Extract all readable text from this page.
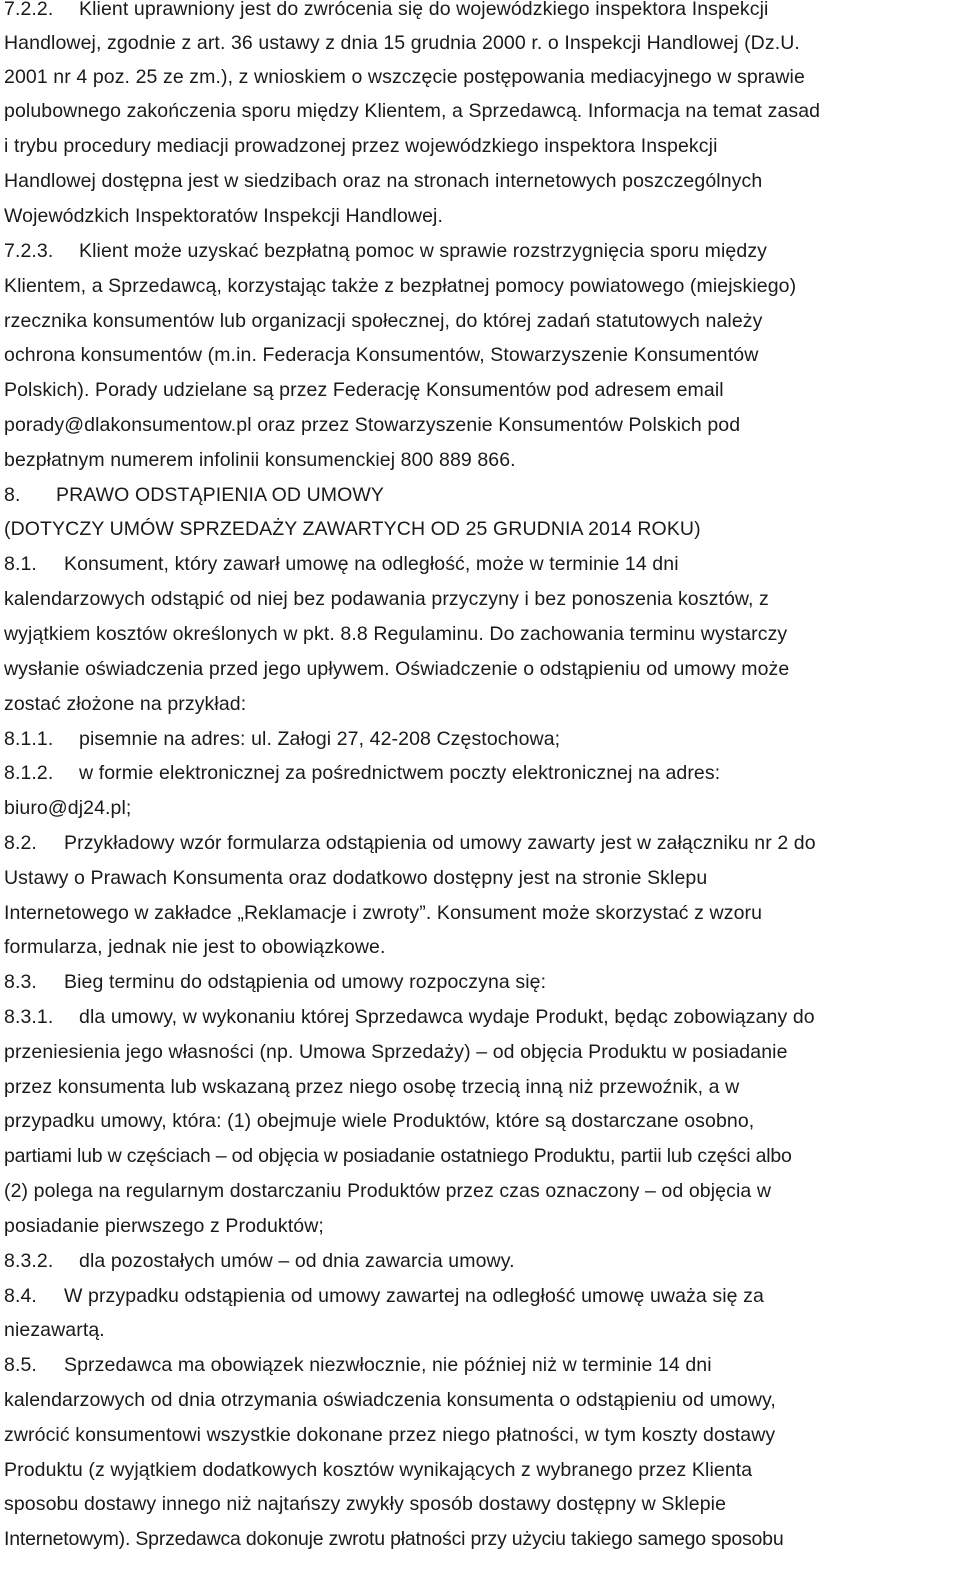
7.2.2. Klient uprawniony jest do zwrócenia się do wojewódzkiego inspektora Inspekcji
Handlowej, zgodnie z art. 36 ustawy z dnia 15 grudnia 2000 r. o Inspekcji Handlowej (Dz.U.
2001 nr 4 poz. 25 ze zm.), z wnioskiem o wszczęcie postępowania mediacyjnego w sprawie
polubownego zakończenia sporu między Klientem, a Sprzedawcą. Informacja na temat zasad
i trybu procedury mediacji prowadzonej przez wojewódzkiego inspektora Inspekcji
Handlowej dostępna jest w siedzibach oraz na stronach internetowych poszczególnych
Wojewódzkich Inspektoratów Inspekcji Handlowej.
7.2.3. Klient może uzyskać bezpłatną pomoc w sprawie rozstrzygnięcia sporu między
Klientem, a Sprzedawcą, korzystając także z bezpłatnej pomocy powiatowego (miejskiego)
rzecznika konsumentów lub organizacji społecznej, do której zadań statutowych należy
ochrona konsumentów (m.in. Federacja Konsumentów, Stowarzyszenie Konsumentów
Polskich). Porady udzielane są przez Federację Konsumentów pod adresem email
porady@dlakonsumentow.pl oraz przez Stowarzyszenie Konsumentów Polskich pod
bezpłatnym numerem infolinii konsumenckiej 800 889 866.
8. PRAWO ODSTĄPIENIA OD UMOWY
(DOTYCZY UMÓW SPRZEDAŻY ZAWARTYCH OD 25 GRUDNIA 2014 ROKU)
8.1. Konsument, który zawarł umowę na odległość, może w terminie 14 dni
kalendarzowych odstąpić od niej bez podawania przyczyny i bez ponoszenia kosztów, z
wyjątkiem kosztów określonych w pkt. 8.8 Regulaminu. Do zachowania terminu wystarczy
wysłanie oświadczenia przed jego upływem. Oświadczenie o odstąpieniu od umowy może
zostać złożone na przykład:
8.1.1. pisemnie na adres: ul. Załogi 27, 42-208 Częstochowa;
8.1.2. w formie elektronicznej za pośrednictwem poczty elektronicznej na adres:
biuro@dj24.pl;
8.2. Przykładowy wzór formularza odstąpienia od umowy zawarty jest w załączniku nr 2 do
Ustawy o Prawach Konsumenta oraz dodatkowo dostępny jest na stronie Sklepu
Internetowego w zakładce „Reklamacje i zwroty”. Konsument może skorzystać z wzoru
formularza, jednak nie jest to obowiązkowe.
8.3. Bieg terminu do odstąpienia od umowy rozpoczyna się:
8.3.1. dla umowy, w wykonaniu której Sprzedawca wydaje Produkt, będąc zobowiązany do
przeniesienia jego własności (np. Umowa Sprzedaży) – od objęcia Produktu w posiadanie
przez konsumenta lub wskazaną przez niego osobę trzecią inną niż przewoźnik, a w
przypadku umowy, która: (1) obejmuje wiele Produktów, które są dostarczane osobno,
partiami lub w częściach – od objęcia w posiadanie ostatniego Produktu, partii lub części albo
(2) polega na regularnym dostarczaniu Produktów przez czas oznaczony – od objęcia w
posiadanie pierwszego z Produktów;
8.3.2. dla pozostałych umów – od dnia zawarcia umowy.
8.4. W przypadku odstąpienia od umowy zawartej na odległość umowę uważa się za
niezawartą.
8.5. Sprzedawca ma obowiązek niezwłocznie, nie później niż w terminie 14 dni
kalendarzowych od dnia otrzymania oświadczenia konsumenta o odstąpieniu od umowy,
zwrócić konsumentowi wszystkie dokonane przez niego płatności, w tym koszty dostawy
Produktu (z wyjątkiem dodatkowych kosztów wynikających z wybranego przez Klienta
sposobu dostawy innego niż najtańszy zwykły sposób dostawy dostępny w Sklepie
Internetowym). Sprzedawca dokonuje zwrotu płatności przy użyciu takiego samego sposobu
